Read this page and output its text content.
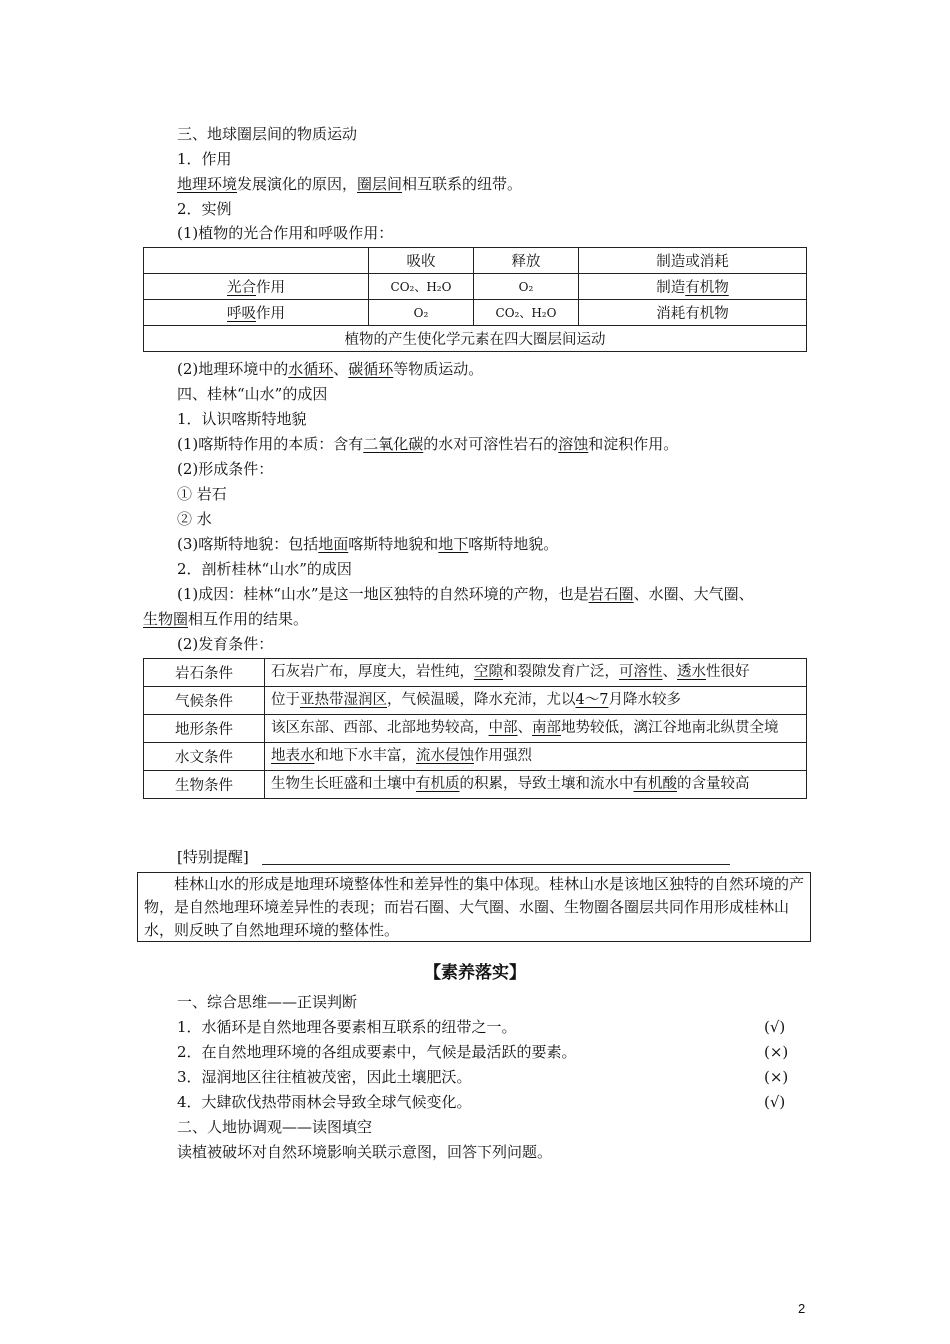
三、地球圈层间的物质运动
1．作用
地理环境发展演化的原因，圈层间相互联系的纽带。
2．实例
(1)植物的光合作用和呼吸作用：
	吸收	释放	制造或消耗
光合作用	CO₂、H₂O	O₂	制造有机物
呼吸作用	O₂	CO₂、H₂O	消耗有机物
植物的产生使化学元素在四大圈层间运动			
(2)地理环境中的水循环、碳循环等物质运动。
四、桂林“山水”的成因
1．认识喀斯特地貌
(1)喀斯特作用的本质：含有二氧化碳的水对可溶性岩石的溶蚀和淀积作用。
(2)形成条件：
① 岩石
② 水
(3)喀斯特地貌：包括地面喀斯特地貌和地下喀斯特地貌。
2．剖析桂林“山水”的成因
(1)成因：桂林“山水”是这一地区独特的自然环境的产物，也是岩石圈、水圈、大气圈、
生物圈相互作用的结果。
(2)发育条件：
岩石条件	石灰岩广布，厚度大，岩性纯，空隙和裂隙发育广泛，可溶性、透水性很好
气候条件	位于亚热带湿润区，气候温暖，降水充沛，尤以4～7月降水较多
地形条件	该区东部、西部、北部地势较高，中部、南部地势较低，漓江谷地南北纵贯全境
水文条件	地表水和地下水丰富，流水侵蚀作用强烈
生物条件	生物生长旺盛和土壤中有机质的积累，导致土壤和流水中有机酸的含量较高
[特别提醒]
桂林山水的形成是地理环境整体性和差异性的集中体现。桂林山水是该地区独特的自然环境的产物，是自然地理环境差异性的表现；而岩石圈、大气圈、水圈、生物圈各圈层共同作用形成桂林山水，则反映了自然地理环境的整体性。
【素养落实】
一、综合思维——正误判断
1．水循环是自然地理各要素相互联系的纽带之一。	(√)
2．在自然地理环境的各组成要素中，气候是最活跃的要素。	(×)
3．湿润地区往往植被茂密，因此土壤肥沃。	(×)
4．大肆砍伐热带雨林会导致全球气候变化。	(√)
二、人地协调观——读图填空
读植被破坏对自然环境影响关联示意图，回答下列问题。
2
